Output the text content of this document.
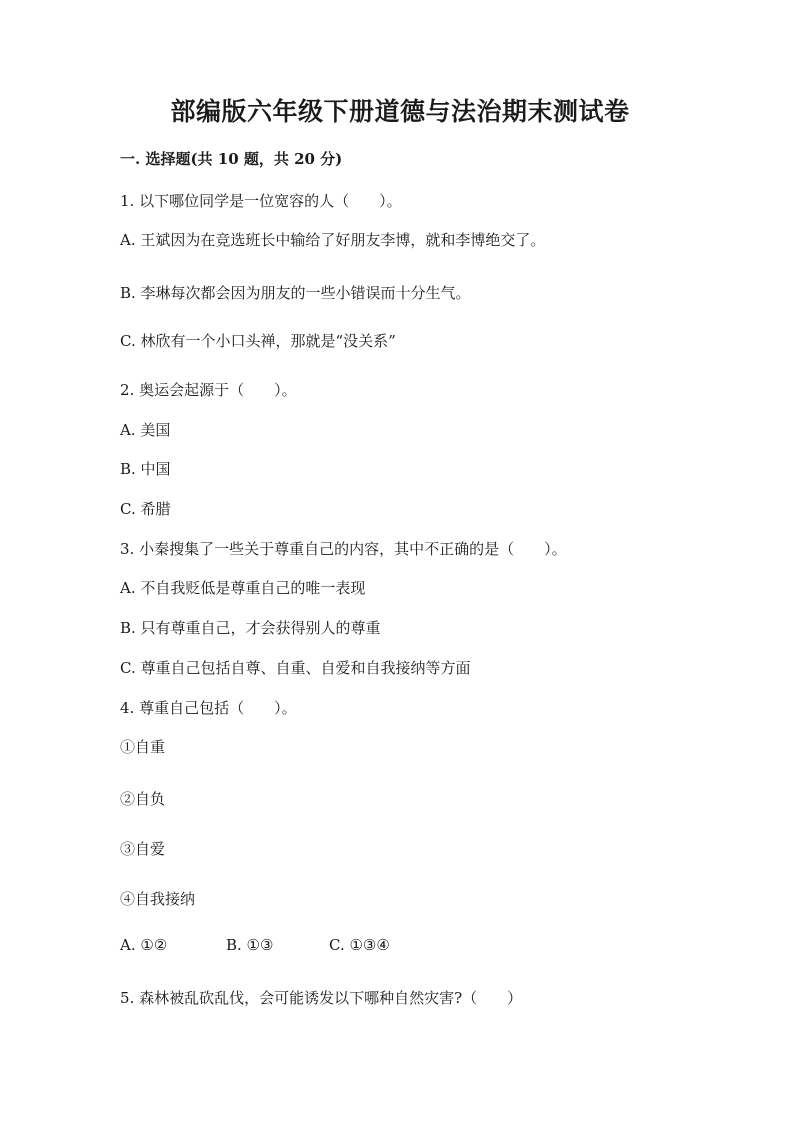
部编版六年级下册道德与法治期末测试卷
一. 选择题(共 10 题，共 20 分)
1. 以下哪位同学是一位宽容的人（　　）。
A. 王斌因为在竞选班长中输给了好朋友李博，就和李博绝交了。
B. 李琳每次都会因为朋友的一些小错误而十分生气。
C. 林欣有一个小口头禅，那就是“没关系”
2. 奥运会起源于（　　）。
A. 美国
B. 中国
C. 希腊
3. 小秦搜集了一些关于尊重自己的内容，其中不正确的是（　　）。
A. 不自我贬低是尊重自己的唯一表现
B. 只有尊重自己，才会获得别人的尊重
C. 尊重自己包括自尊、自重、自爱和自我接纳等方面
4. 尊重自己包括（　　）。
①自重
②自负
③自爱
④自我接纳
A. ①②	B. ①③	C. ①③④
5. 森林被乱砍乱伐，会可能诱发以下哪种自然灾害?（　　）
